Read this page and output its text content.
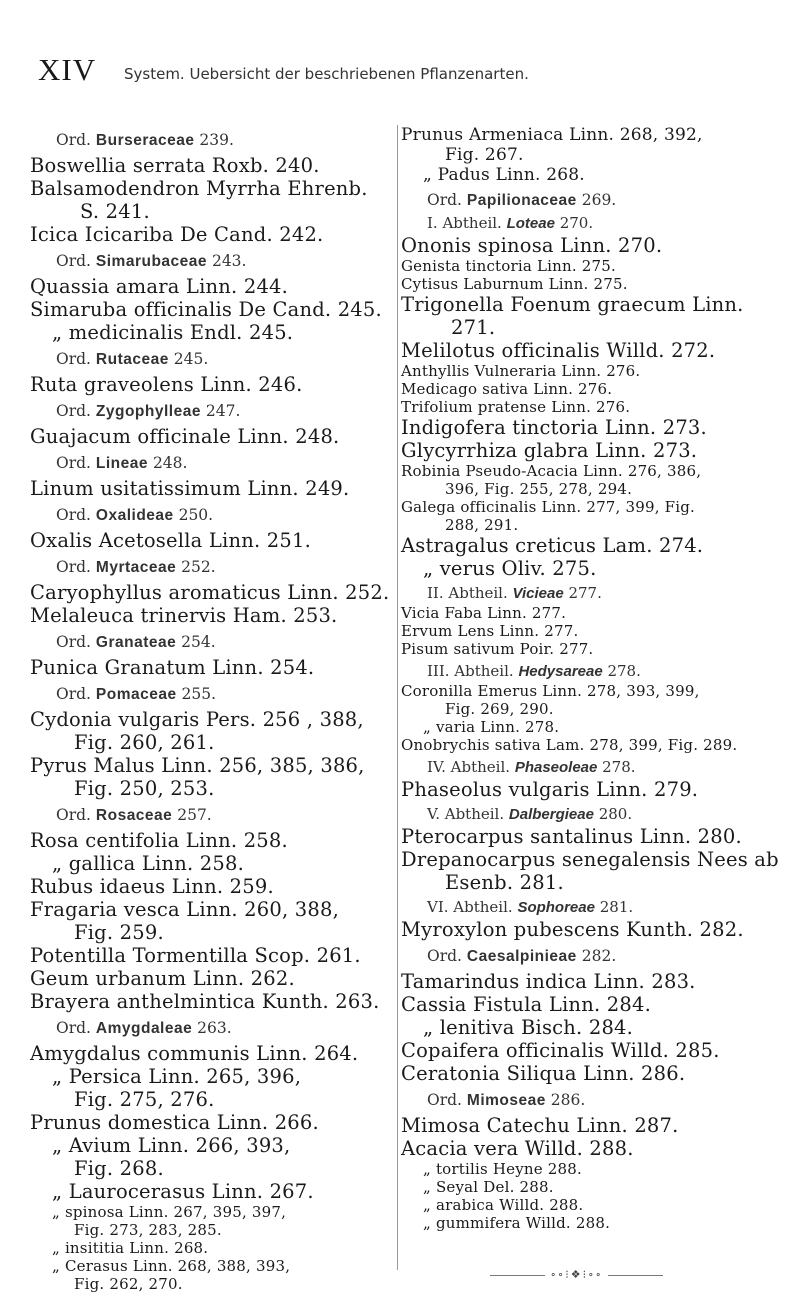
XIV System. Uebersicht der beschriebenen Pflanzenarten.
Ord. Burseraceae 239.
Boswellia serrata Roxb. 240.
Balsamodendron Myrrha Ehrenb.
S. 241.
Icica Icicariba De Cand. 242.
Ord. Simarubaceae 243.
Quassia amara Linn. 244.
Simaruba officinalis De Cand. 245.
„ medicinalis Endl. 245.
Ord. Rutaceae 245.
Ruta graveolens Linn. 246.
Ord. Zygophylleae 247.
Guajacum officinale Linn. 248.
Ord. Lineae 248.
Linum usitatissimum Linn. 249.
Ord. Oxalideae 250.
Oxalis Acetosella Linn. 251.
Ord. Myrtaceae 252.
Caryophyllus aromaticus Linn. 252.
Melaleuca trinervis Ham. 253.
Ord. Granateae 254.
Punica Granatum Linn. 254.
Ord. Pomaceae 255.
Cydonia vulgaris Pers. 256 , 388,
Fig. 260, 261.
Pyrus Malus Linn. 256, 385, 386,
Fig. 250, 253.
Ord. Rosaceae 257.
Rosa centifolia Linn. 258.
„ gallica Linn. 258.
Rubus idaeus Linn. 259.
Fragaria vesca Linn. 260, 388,
Fig. 259.
Potentilla Tormentilla Scop. 261.
Geum urbanum Linn. 262.
Brayera anthelmintica Kunth. 263.
Ord. Amygdaleae 263.
Amygdalus communis Linn. 264.
„ Persica Linn. 265, 396,
Fig. 275, 276.
Prunus domestica Linn. 266.
„ Avium Linn. 266, 393,
Fig. 268.
„ Laurocerasus Linn. 267.
„ spinosa Linn. 267, 395, 397,
Fig. 273, 283, 285.
„ insititia Linn. 268.
„ Cerasus Linn. 268, 388, 393,
Fig. 262, 270.
Prunus Armeniaca Linn. 268, 392,
Fig. 267.
„ Padus Linn. 268.
Ord. Papilionaceae 269.
I. Abtheil. Loteae 270.
Ononis spinosa Linn. 270.
Genista tinctoria Linn. 275.
Cytisus Laburnum Linn. 275.
Trigonella Foenum graecum Linn.
271.
Melilotus officinalis Willd. 272.
Anthyllis Vulneraria Linn. 276.
Medicago sativa Linn. 276.
Trifolium pratense Linn. 276.
Indigofera tinctoria Linn. 273.
Glycyrrhiza glabra Linn. 273.
Robinia Pseudo-Acacia Linn. 276, 386,
396, Fig. 255, 278, 294.
Galega officinalis Linn. 277, 399, Fig.
288, 291.
Astragalus creticus Lam. 274.
„ verus Oliv. 275.
II. Abtheil. Vicieae 277.
Vicia Faba Linn. 277.
Ervum Lens Linn. 277.
Pisum sativum Poir. 277.
III. Abtheil. Hedysareae 278.
Coronilla Emerus Linn. 278, 393, 399,
Fig. 269, 290.
„ varia Linn. 278.
Onobrychis sativa Lam. 278, 399, Fig. 289.
IV. Abtheil. Phaseoleae 278.
Phaseolus vulgaris Linn. 279.
V. Abtheil. Dalbergieae 280.
Pterocarpus santalinus Linn. 280.
Drepanocarpus senegalensis Nees ab
Esenb. 281.
VI. Abtheil. Sophoreae 281.
Myroxylon pubescens Kunth. 282.
Ord. Caesalpinieae 282.
Tamarindus indica Linn. 283.
Cassia Fistula Linn. 284.
„ lenitiva Bisch. 284.
Copaifera officinalis Willd. 285.
Ceratonia Siliqua Linn. 286.
Ord. Mimoseae 286.
Mimosa Catechu Linn. 287.
Acacia vera Willd. 288.
„ tortilis Heyne 288.
„ Seyal Del. 288.
„ arabica Willd. 288.
„ gummifera Willd. 288.
∘∘⁝❖⁝∘∘
